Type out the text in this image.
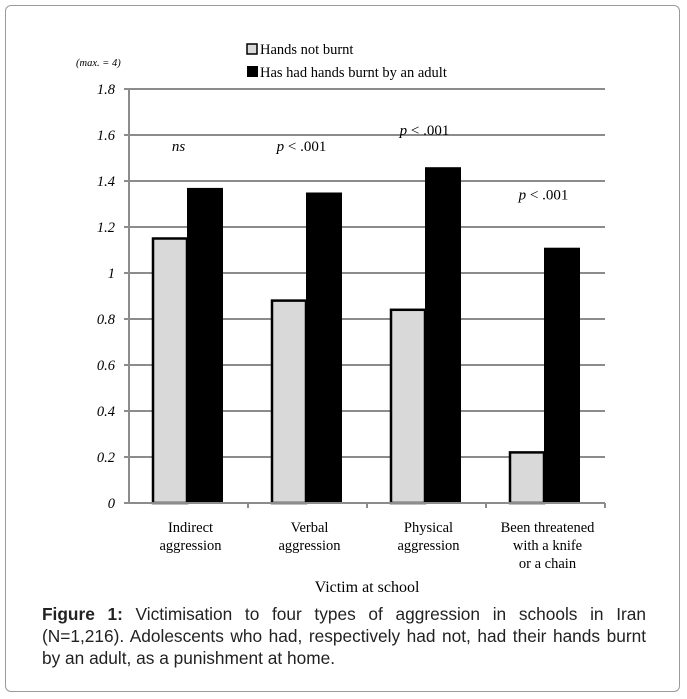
0
0.2
0.4
0.6
0.8
1
1.2
1.4
1.6
1.8
Indirect aggression
Verbal aggression
Physical aggression
Been threatened with a knife or a chain
ns	p < .001
p < .001
p < .001
(max. = 4)
Hands not burnt
Has had hands burnt by an adult
Victim at school
Figure 1: Victimisation to four types of aggression in schools in Iran (N=1,216). Adolescents who had, respectively had not, had their hands burnt by an adult, as a punishment at home.
